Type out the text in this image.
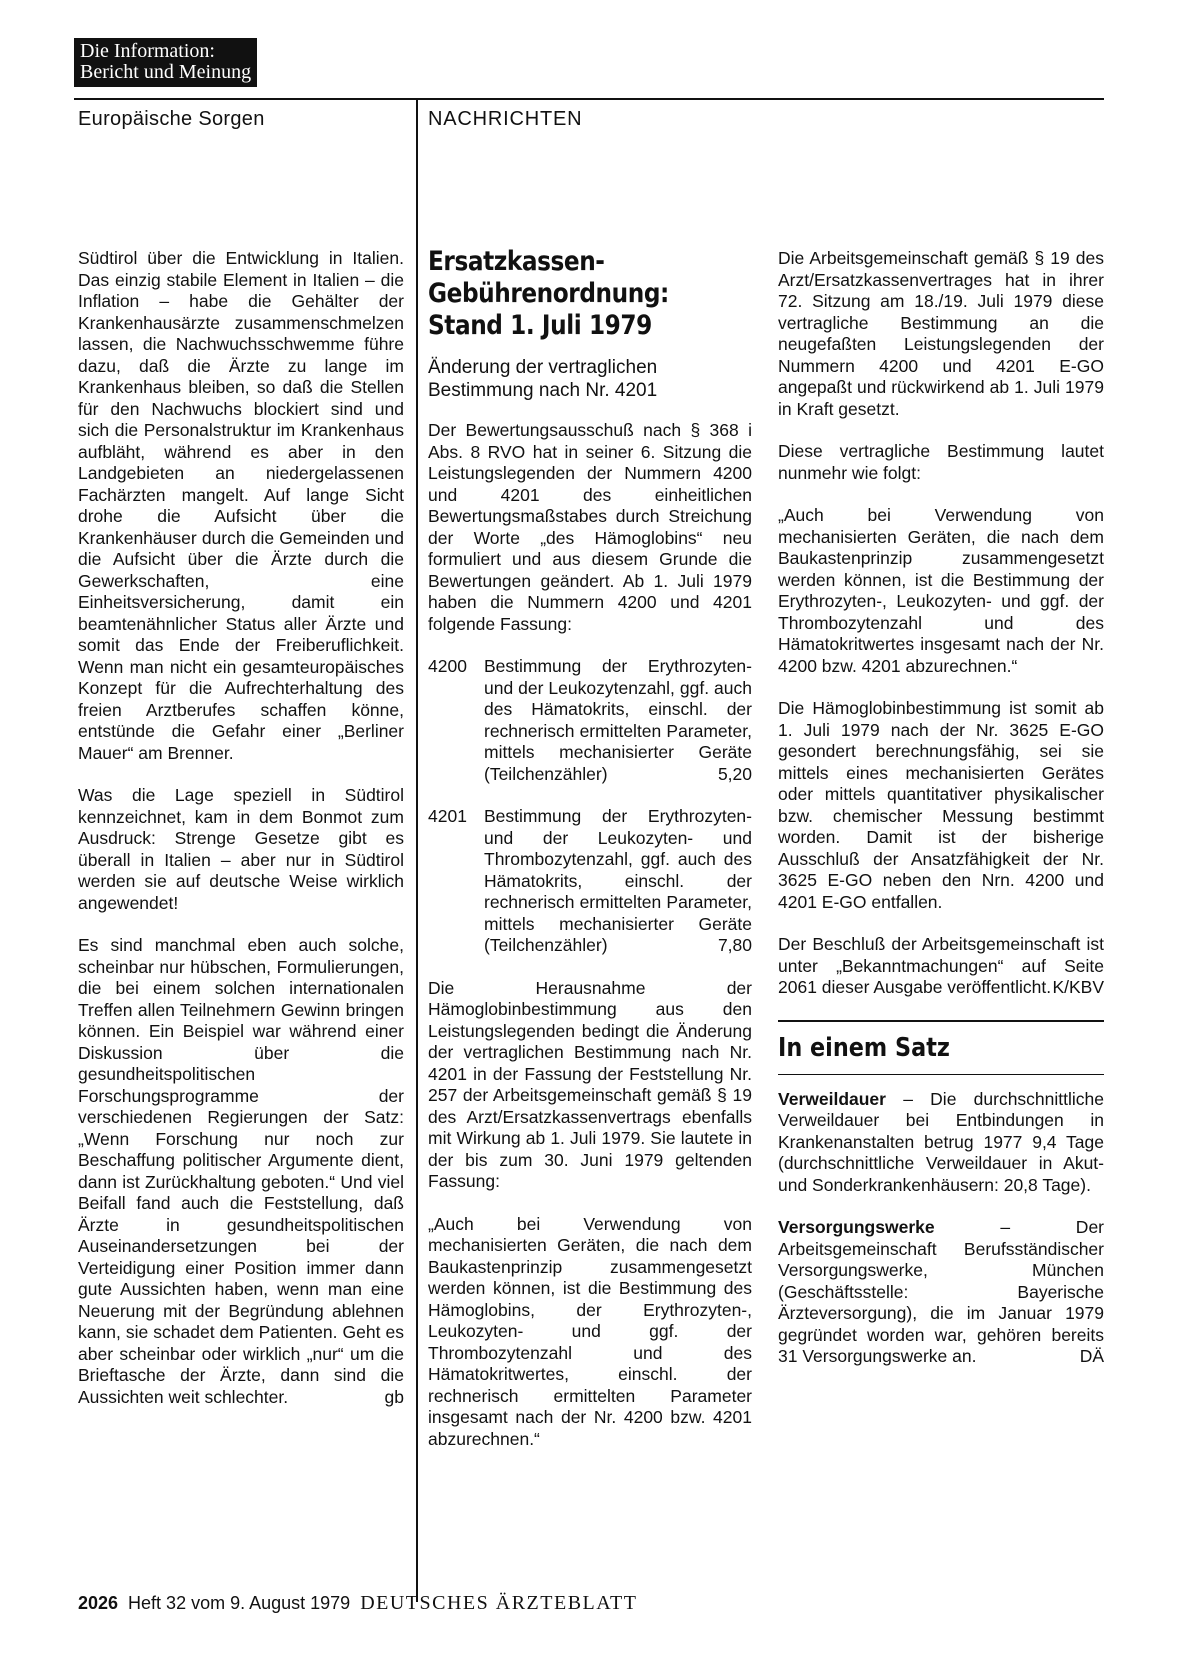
Die Information:
Bericht und Meinung
Europäische Sorgen	NACHRICHTEN

Südtirol über die Entwicklung in Italien. Das einzig stabile Element in Italien – die Inflation – habe die Gehälter der Krankenhausärzte zusammenschmelzen lassen, die Nachwuchsschwemme führe dazu, daß die Ärzte zu lange im Krankenhaus bleiben, so daß die Stellen für den Nachwuchs blockiert sind und sich die Personalstruktur im Krankenhaus aufbläht, während es aber in den Landgebieten an niedergelassenen Fachärzten mangelt. Auf lange Sicht drohe die Aufsicht über die Krankenhäuser durch die Gemeinden und die Aufsicht über die Ärzte durch die Gewerkschaften, eine Einheitsversicherung, damit ein beamtenähnlicher Status aller Ärzte und somit das Ende der Freiberuflichkeit. Wenn man nicht ein gesamteuropäisches Konzept für die Aufrechterhaltung des freien Arztberufes schaffen könne, entstünde die Gefahr einer „Berliner Mauer“ am Brenner.

Was die Lage speziell in Südtirol kennzeichnet, kam in dem Bonmot zum Ausdruck: Strenge Gesetze gibt es überall in Italien – aber nur in Südtirol werden sie auf deutsche Weise wirklich angewendet!

Es sind manchmal eben auch solche, scheinbar nur hübschen, Formulierungen, die bei einem solchen internationalen Treffen allen Teilnehmern Gewinn bringen können. Ein Beispiel war während einer Diskussion über die gesundheitspolitischen Forschungsprogramme der verschiedenen Regierungen der Satz: „Wenn Forschung nur noch zur Beschaffung politischer Argumente dient, dann ist Zurückhaltung geboten.“ Und viel Beifall fand auch die Feststellung, daß Ärzte in gesundheitspolitischen Auseinandersetzungen bei der Verteidigung einer Position immer dann gute Aussichten haben, wenn man eine Neuerung mit der Begründung ablehnen kann, sie schadet dem Patienten. Geht es aber scheinbar oder wirklich „nur“ um die Brieftasche der Ärzte, dann sind die Aussichten weit schlechter.	gb

Ersatzkassen-
Gebührenordnung:
Stand 1. Juli 1979
Änderung der vertraglichen Bestimmung nach Nr. 4201

Der Bewertungsausschuß nach § 368 i Abs. 8 RVO hat in seiner 6. Sitzung die Leistungslegenden der Nummern 4200 und 4201 des einheitlichen Bewertungsmaßstabes durch Streichung der Worte „des Hämoglobins“ neu formuliert und aus diesem Grunde die Bewertungen geändert. Ab 1. Juli 1979 haben die Nummern 4200 und 4201 folgende Fassung:

4200 Bestimmung der Erythrozyten- und der Leukozytenzahl, ggf. auch des Hämatokrits, einschl. der rechnerisch ermittelten Parameter, mittels mechanisierter Geräte (Teilchenzähler)	5,20
4201 Bestimmung der Erythrozyten- und der Leukozyten- und Thrombozytenzahl, ggf. auch des Hämatokrits, einschl. der rechnerisch ermittelten Parameter, mittels mechanisierter Geräte (Teilchenzähler)	7,80

Die Herausnahme der Hämoglobinbestimmung aus den Leistungslegenden bedingt die Änderung der vertraglichen Bestimmung nach Nr. 4201 in der Fassung der Feststellung Nr. 257 der Arbeitsgemeinschaft gemäß § 19 des Arzt/Ersatzkassenvertrags ebenfalls mit Wirkung ab 1. Juli 1979. Sie lautete in der bis zum 30. Juni 1979 geltenden Fassung:

„Auch bei Verwendung von mechanisierten Geräten, die nach dem Baukastenprinzip zusammengesetzt werden können, ist die Bestimmung des Hämoglobins, der Erythrozyten-, Leukozyten- und ggf. der Thrombozytenzahl und des Hämatokritwertes, einschl. der rechnerisch ermittelten Parameter insgesamt nach der Nr. 4200 bzw. 4201 abzurechnen.“

Die Arbeitsgemeinschaft gemäß § 19 des Arzt/Ersatzkassenvertrages hat in ihrer 72. Sitzung am 18./19. Juli 1979 diese vertragliche Bestimmung an die neugefaßten Leistungslegenden der Nummern 4200 und 4201 E-GO angepaßt und rückwirkend ab 1. Juli 1979 in Kraft gesetzt.

Diese vertragliche Bestimmung lautet nunmehr wie folgt:

„Auch bei Verwendung von mechanisierten Geräten, die nach dem Baukastenprinzip zusammengesetzt werden können, ist die Bestimmung der Erythrozyten-, Leukozyten- und ggf. der Thrombozytenzahl und des Hämatokritwertes insgesamt nach der Nr. 4200 bzw. 4201 abzurechnen.“

Die Hämoglobinbestimmung ist somit ab 1. Juli 1979 nach der Nr. 3625 E-GO gesondert berechnungsfähig, sei sie mittels eines mechanisierten Gerätes oder mittels quantitativer physikalischer bzw. chemischer Messung bestimmt worden. Damit ist der bisherige Ausschluß der Ansatzfähigkeit der Nr. 3625 E-GO neben den Nrn. 4200 und 4201 E-GO entfallen.

Der Beschluß der Arbeitsgemeinschaft ist unter „Bekanntmachungen“ auf Seite 2061 dieser Ausgabe veröffentlicht. K/KBV

In einem Satz

Verweildauer – Die durchschnittliche Verweildauer bei Entbindungen in Krankenanstalten betrug 1977 9,4 Tage (durchschnittliche Verweildauer in Akut- und Sonderkrankenhäusern: 20,8 Tage).

Versorgungswerke – Der Arbeitsgemeinschaft Berufsständischer Versorgungswerke, München (Geschäftsstelle: Bayerische Ärzteversorgung), die im Januar 1979 gegründet worden war, gehören bereits 31 Versorgungswerke an.	DÄ

2026 Heft 32 vom 9. August 1979 DEUTSCHES ÄRZTEBLATT
